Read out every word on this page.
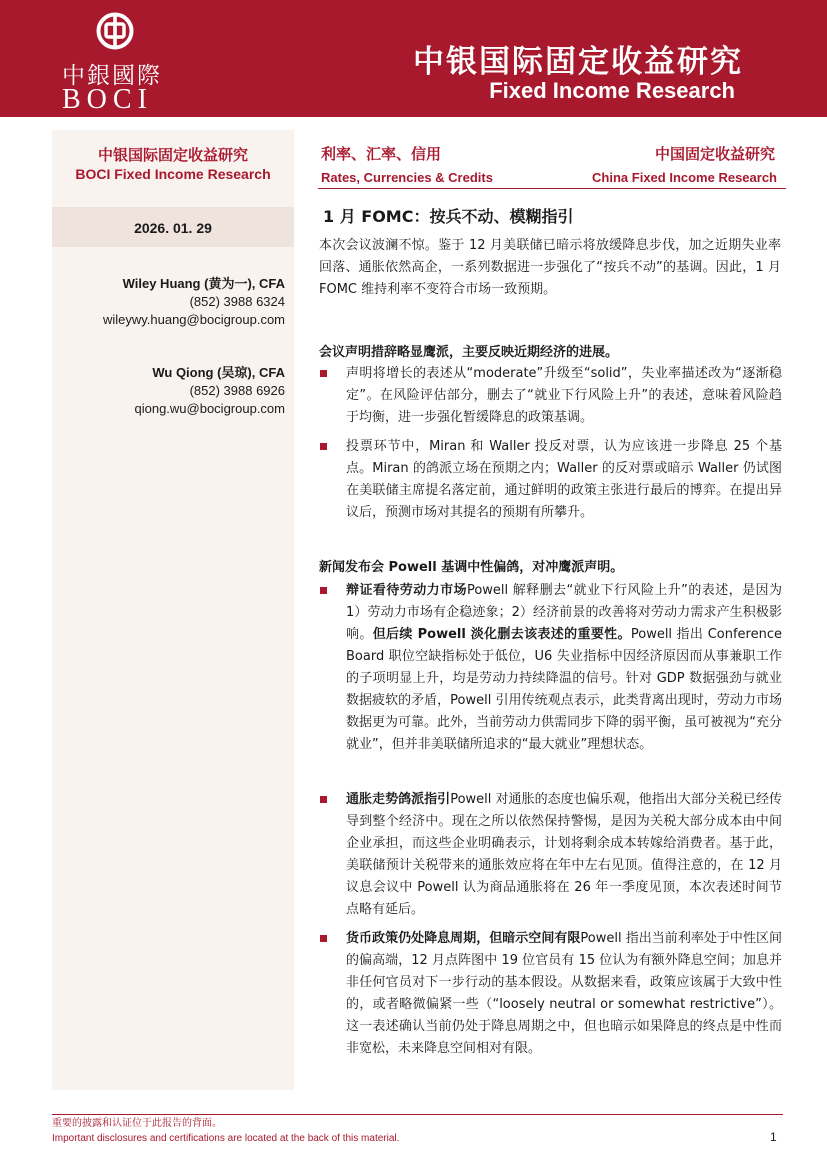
中銀國際
BOCI
中银国际固定收益研究
Fixed Income Research
中银国际固定收益研究
BOCI Fixed Income Research
2026. 01. 29
Wiley Huang (黄为一), CFA
(852) 3988 6324
wileywy.huang@bocigroup.com
Wu Qiong (吴琼), CFA
(852) 3988 6926
qiong.wu@bocigroup.com
利率、汇率、信用
Rates, Currencies & Credits
中国固定收益研究
China Fixed Income Research
1 月 FOMC：按兵不动、模糊指引
本次会议波澜不惊。鉴于 12 月美联储已暗示将放缓降息步伐，加之近期失业率回落、通胀依然高企，一系列数据进一步强化了“按兵不动”的基调。因此，1 月 FOMC 维持利率不变符合市场一致预期。
会议声明措辞略显鹰派，主要反映近期经济的进展。
声明将增长的表述从“moderate”升级至“solid”，失业率描述改为“逐渐稳定”。在风险评估部分，删去了“就业下行风险上升”的表述，意味着风险趋于均衡，进一步强化暂缓降息的政策基调。
投票环节中，Miran 和 Waller 投反对票，认为应该进一步降息 25 个基点。Miran 的鸽派立场在预期之内；Waller 的反对票或暗示 Waller 仍试图在美联储主席提名落定前，通过鲜明的政策主张进行最后的博弈。在提出异议后，预测市场对其提名的预期有所攀升。
新闻发布会 Powell 基调中性偏鸽，对冲鹰派声明。
辩证看待劳动力市场Powell 解释删去“就业下行风险上升”的表述，是因为 1）劳动力市场有企稳迹象；2）经济前景的改善将对劳动力需求产生积极影响。但后续 Powell 淡化删去该表述的重要性。Powell 指出 Conference Board 职位空缺指标处于低位，U6 失业指标中因经济原因而从事兼职工作的子项明显上升，均是劳动力持续降温的信号。针对 GDP 数据强劲与就业数据疲软的矛盾，Powell 引用传统观点表示，此类背离出现时，劳动力市场数据更为可靠。此外，当前劳动力供需同步下降的弱平衡，虽可被视为“充分就业”，但并非美联储所追求的“最大就业”理想状态。
通胀走势鸽派指引Powell 对通胀的态度也偏乐观，他指出大部分关税已经传导到整个经济中。现在之所以依然保持警惕，是因为关税大部分成本由中间企业承担，而这些企业明确表示，计划将剩余成本转嫁给消费者。基于此，美联储预计关税带来的通胀效应将在年中左右见顶。值得注意的，在 12 月议息会议中 Powell 认为商品通胀将在 26 年一季度见顶，本次表述时间节点略有延后。
货币政策仍处降息周期，但暗示空间有限Powell 指出当前利率处于中性区间的偏高端，12 月点阵图中 19 位官员有 15 位认为有额外降息空间；加息并非任何官员对下一步行动的基本假设。从数据来看，政策应该属于大致中性的，或者略微偏紧一些（“loosely neutral or somewhat restrictive”）。这一表述确认当前仍处于降息周期之中，但也暗示如果降息的终点是中性而非宽松，未来降息空间相对有限。
重要的披露和认证位于此报告的背面。
Important disclosures and certifications are located at the back of this material.	1
